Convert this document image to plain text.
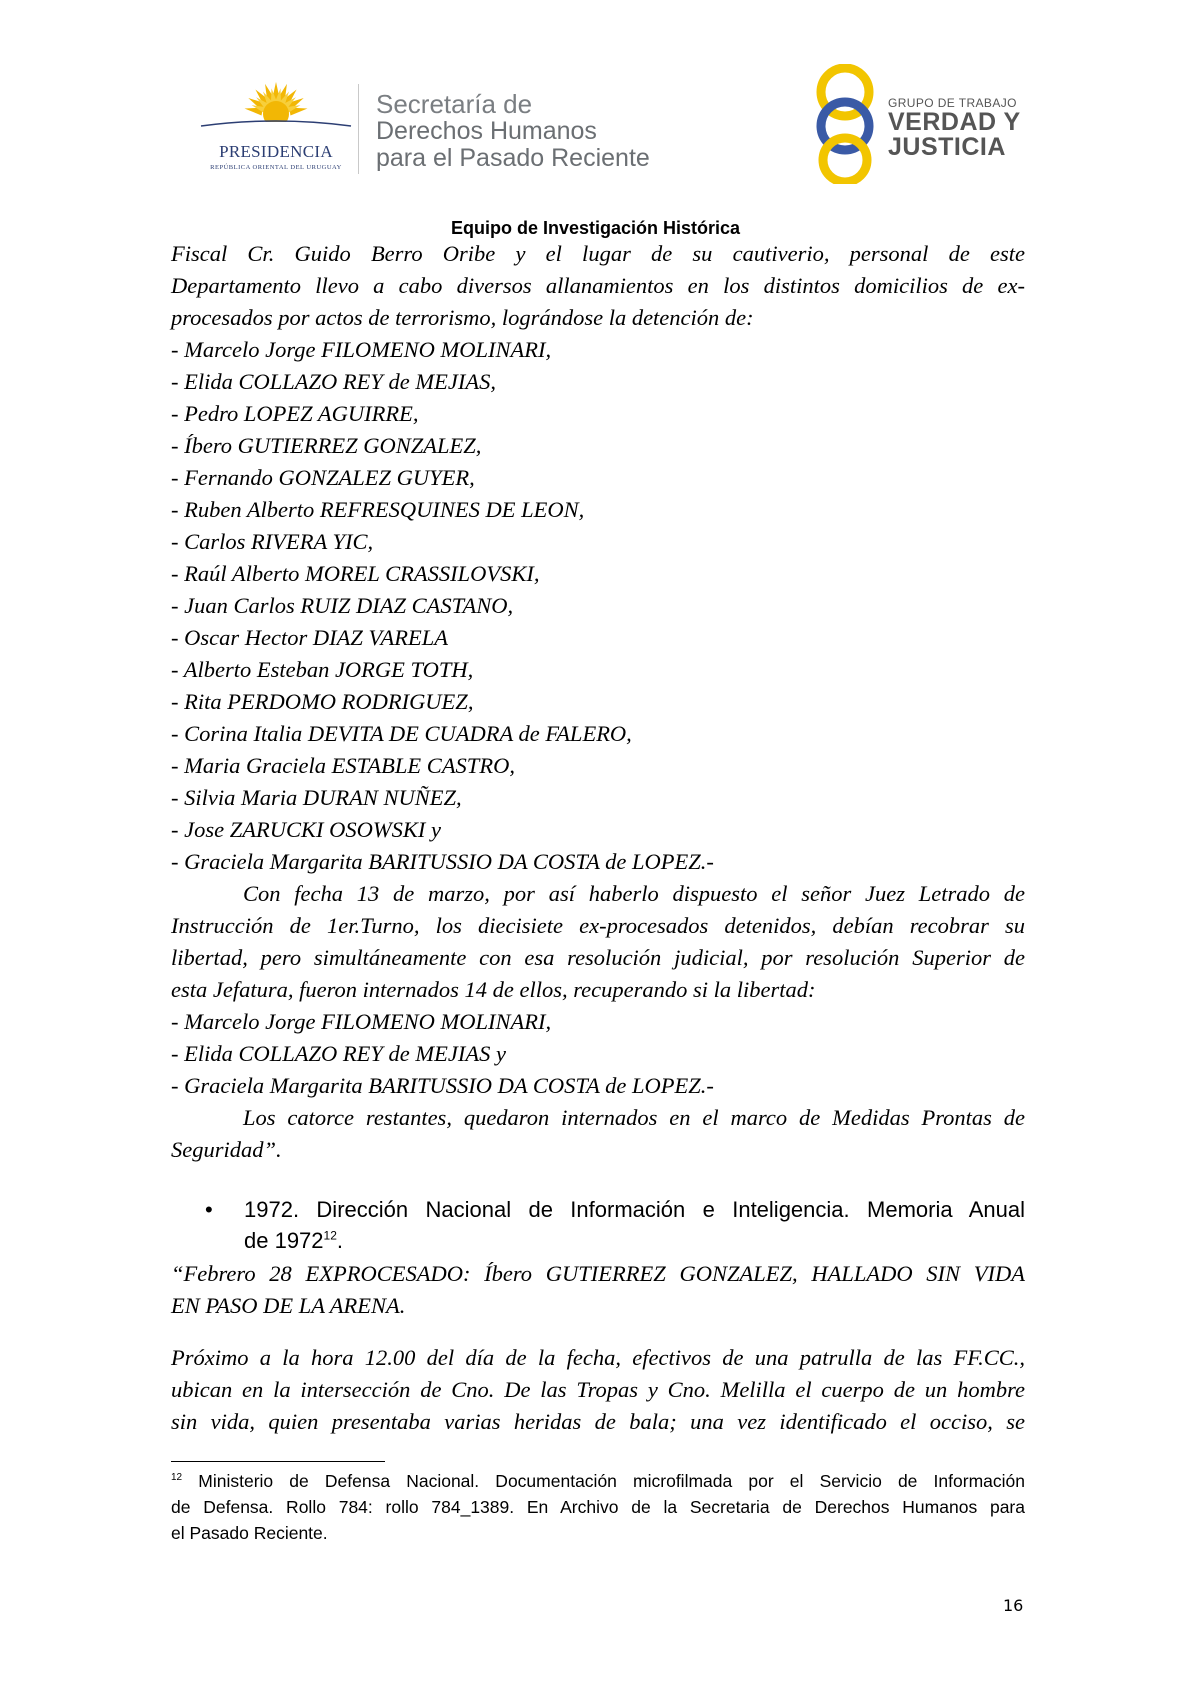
PRESIDENCIA
REPÚBLICA ORIENTAL DEL URUGUAY
Secretaría de
Derechos Humanos
para el Pasado Reciente
GRUPO DE TRABAJO
VERDAD Y
JUSTICIA
Equipo de Investigación Histórica
Fiscal Cr. Guido Berro Oribe y el lugar de su cautiverio, personal de este
Departamento llevo a cabo diversos allanamientos en los distintos domicilios de ex-
procesados por actos de terrorismo, lográndose la detención de:
- Marcelo Jorge FILOMENO MOLINARI,
- Elida COLLAZO REY de MEJIAS,
- Pedro LOPEZ AGUIRRE,
- Íbero GUTIERREZ GONZALEZ,
- Fernando GONZALEZ GUYER,
- Ruben Alberto REFRESQUINES DE LEON,
- Carlos RIVERA YIC,
- Raúl Alberto MOREL CRASSILOVSKI,
- Juan Carlos RUIZ DIAZ CASTANO,
- Oscar Hector DIAZ VARELA
- Alberto Esteban JORGE TOTH,
- Rita PERDOMO RODRIGUEZ,
- Corina Italia DEVITA DE CUADRA de FALERO,
- Maria Graciela ESTABLE CASTRO,
- Silvia Maria DURAN NUÑEZ,
- Jose ZARUCKI OSOWSKI y
- Graciela Margarita BARITUSSIO DA COSTA de LOPEZ.-
Con fecha 13 de marzo, por así haberlo dispuesto el señor Juez Letrado de
Instrucción de 1er.Turno, los diecisiete ex-procesados detenidos, debían recobrar su
libertad, pero simultáneamente con esa resolución judicial, por resolución Superior de
esta Jefatura, fueron internados 14 de ellos, recuperando si la libertad:
- Marcelo Jorge FILOMENO MOLINARI,
- Elida COLLAZO REY de MEJIAS y
- Graciela Margarita BARITUSSIO DA COSTA de LOPEZ.-
Los catorce restantes, quedaron internados en el marco de Medidas Prontas de
Seguridad”.
• 1972. Dirección Nacional de Información e Inteligencia. Memoria Anual
de 1972$^{12}$.
“Febrero 28 EXPROCESADO: Íbero GUTIERREZ GONZALEZ, HALLADO SIN VIDA
EN PASO DE LA ARENA.
Próximo a la hora 12.00 del día de la fecha, efectivos de una patrulla de las FF.CC.,
ubican en la intersección de Cno. De las Tropas y Cno. Melilla el cuerpo de un hombre
sin vida, quien presentaba varias heridas de bala; una vez identificado el occiso, se
$^{12}$ Ministerio de Defensa Nacional. Documentación microfilmada por el Servicio de Información
de Defensa. Rollo 784: rollo 784_1389. En Archivo de la Secretaria de Derechos Humanos para
el Pasado Reciente.
16
